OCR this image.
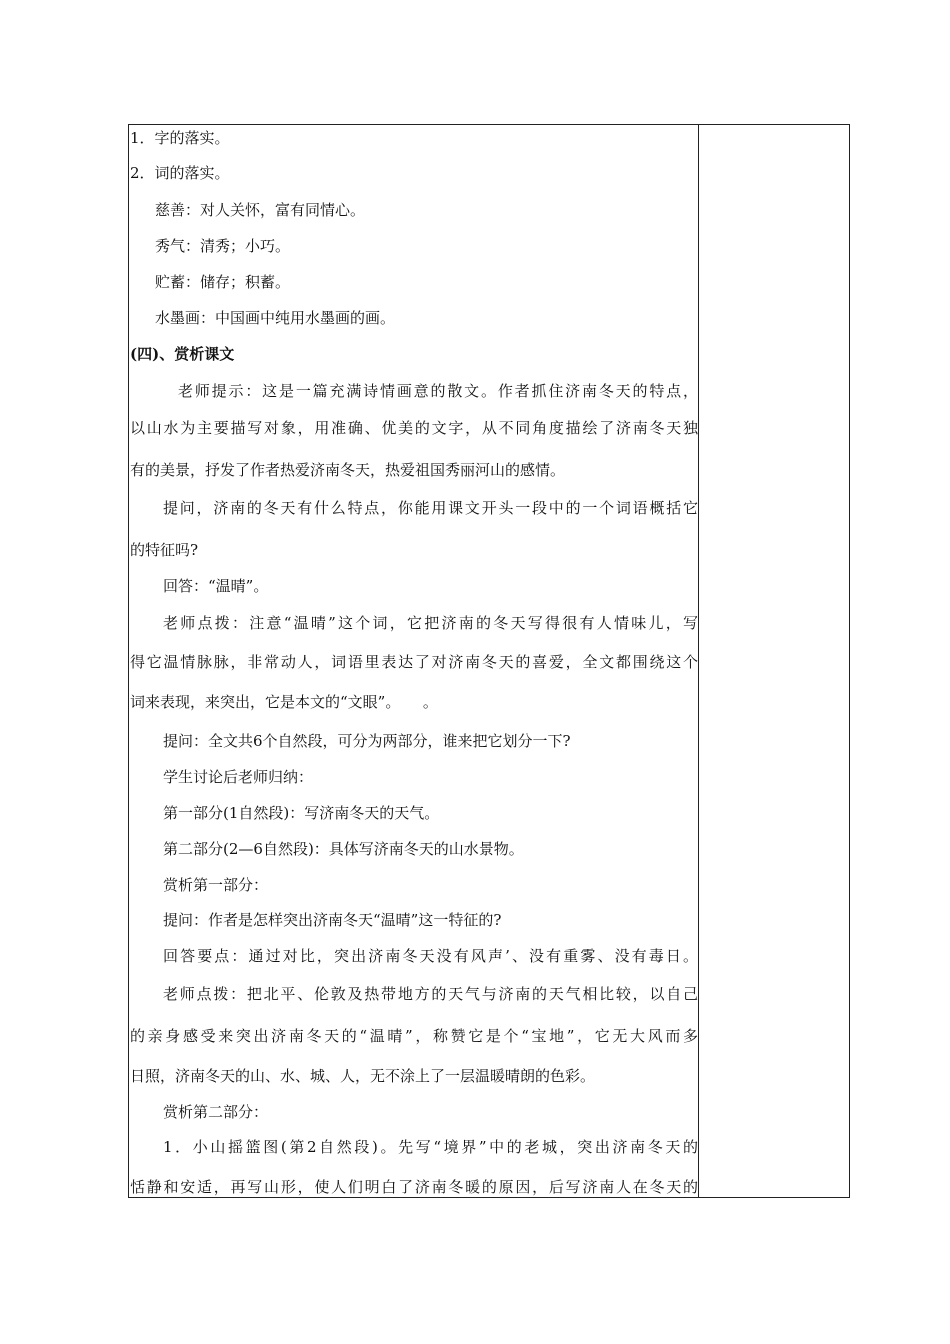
1．字的落实。
2．词的落实。
慈善：对人关怀，富有同情心。
秀气：清秀；小巧。
贮蓄：储存；积蓄。
水墨画：中国画中纯用水墨画的画。
(四)、赏析课文
老师提示：这是一篇充满诗情画意的散文。作者抓住济南冬天的特点，
以山水为主要描写对象，用准确、优美的文字，从不同角度描绘了济南冬天独
有的美景，抒发了作者热爱济南冬天，热爱祖国秀丽河山的感情。
提问，济南的冬天有什么特点，你能用课文开头一段中的一个词语概括它
的特征吗?
回答：“温晴”。
老师点拨：注意“温晴”这个词，它把济南的冬天写得很有人情味儿，写
得它温情脉脉，非常动人，词语里表达了对济南冬天的喜爱，全文都围绕这个
词来表现，来突出，它是本文的“文眼”。　　。
提问：全文共6个自然段，可分为两部分，谁来把它划分一下?
学生讨论后老师归纳：
第一部分(1自然段)：写济南冬天的天气。
第二部分(2—6自然段)：具体写济南冬天的山水景物。
赏析第一部分：
提问：作者是怎样突出济南冬天“温晴”这一特征的?
回答要点：通过对比，突出济南冬天没有风声’、没有重雾、没有毒日。
老师点拨：把北平、伦敦及热带地方的天气与济南的天气相比较，以自己
的亲身感受来突出济南冬天的“温晴”，称赞它是个“宝地”，它无大风而多
日照，济南冬天的山、水、城、人，无不涂上了一层温暖晴朗的色彩。
赏析第二部分：
1．小山摇篮图(第2自然段)。先写“境界”中的老城，突出济南冬天的
恬静和安适，再写山形，使人们明白了济南冬暖的原因，后写济南人在冬天的
